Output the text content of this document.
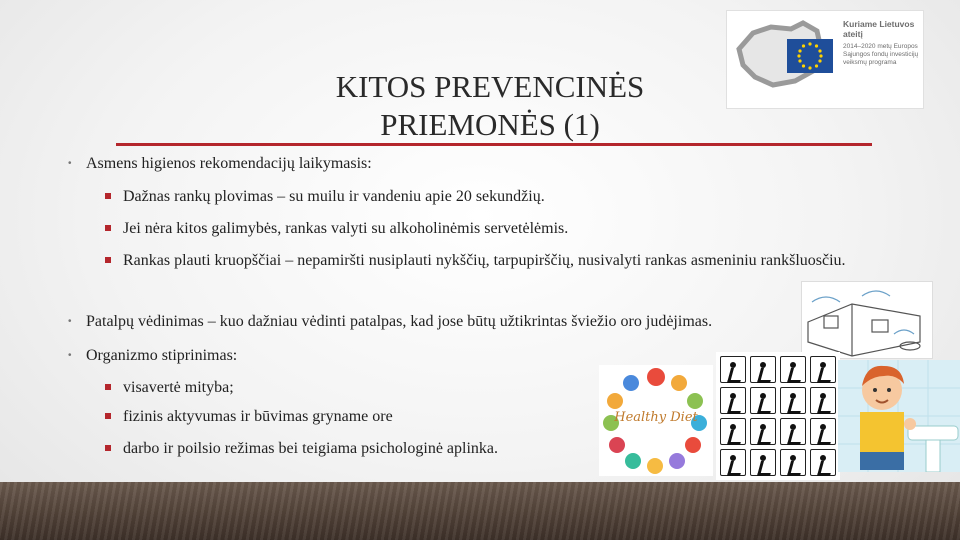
KITOS PREVENCINĖS
PRIEMONĖS (1)
Kuriame Lietuvos ateitį
2014–2020 metų Europos Sąjungos fondų investicijų veiksmų programa
• Asmens higienos rekomendacijų laikymasis:
Dažnas rankų plovimas – su muilu ir vandeniu apie 20 sekundžių.
Jei nėra kitos galimybės, rankas valyti su alkoholinėmis servetėlėmis.
Rankas plauti kruopščiai – nepamiršti nusiplauti nykščių, tarpupirščių, nusivalyti rankas asmeniniu rankšluosčiu.
• Patalpų vėdinimas – kuo dažniau vėdinti patalpas, kad jose būtų užtikrintas šviežio oro judėjimas.
• Organizmo stiprinimas:
visavertė mityba;
fizinis aktyvumas ir būvimas gryname ore
darbo ir poilsio režimas bei teigiama psichologinė aplinka.
Healthy Diet
